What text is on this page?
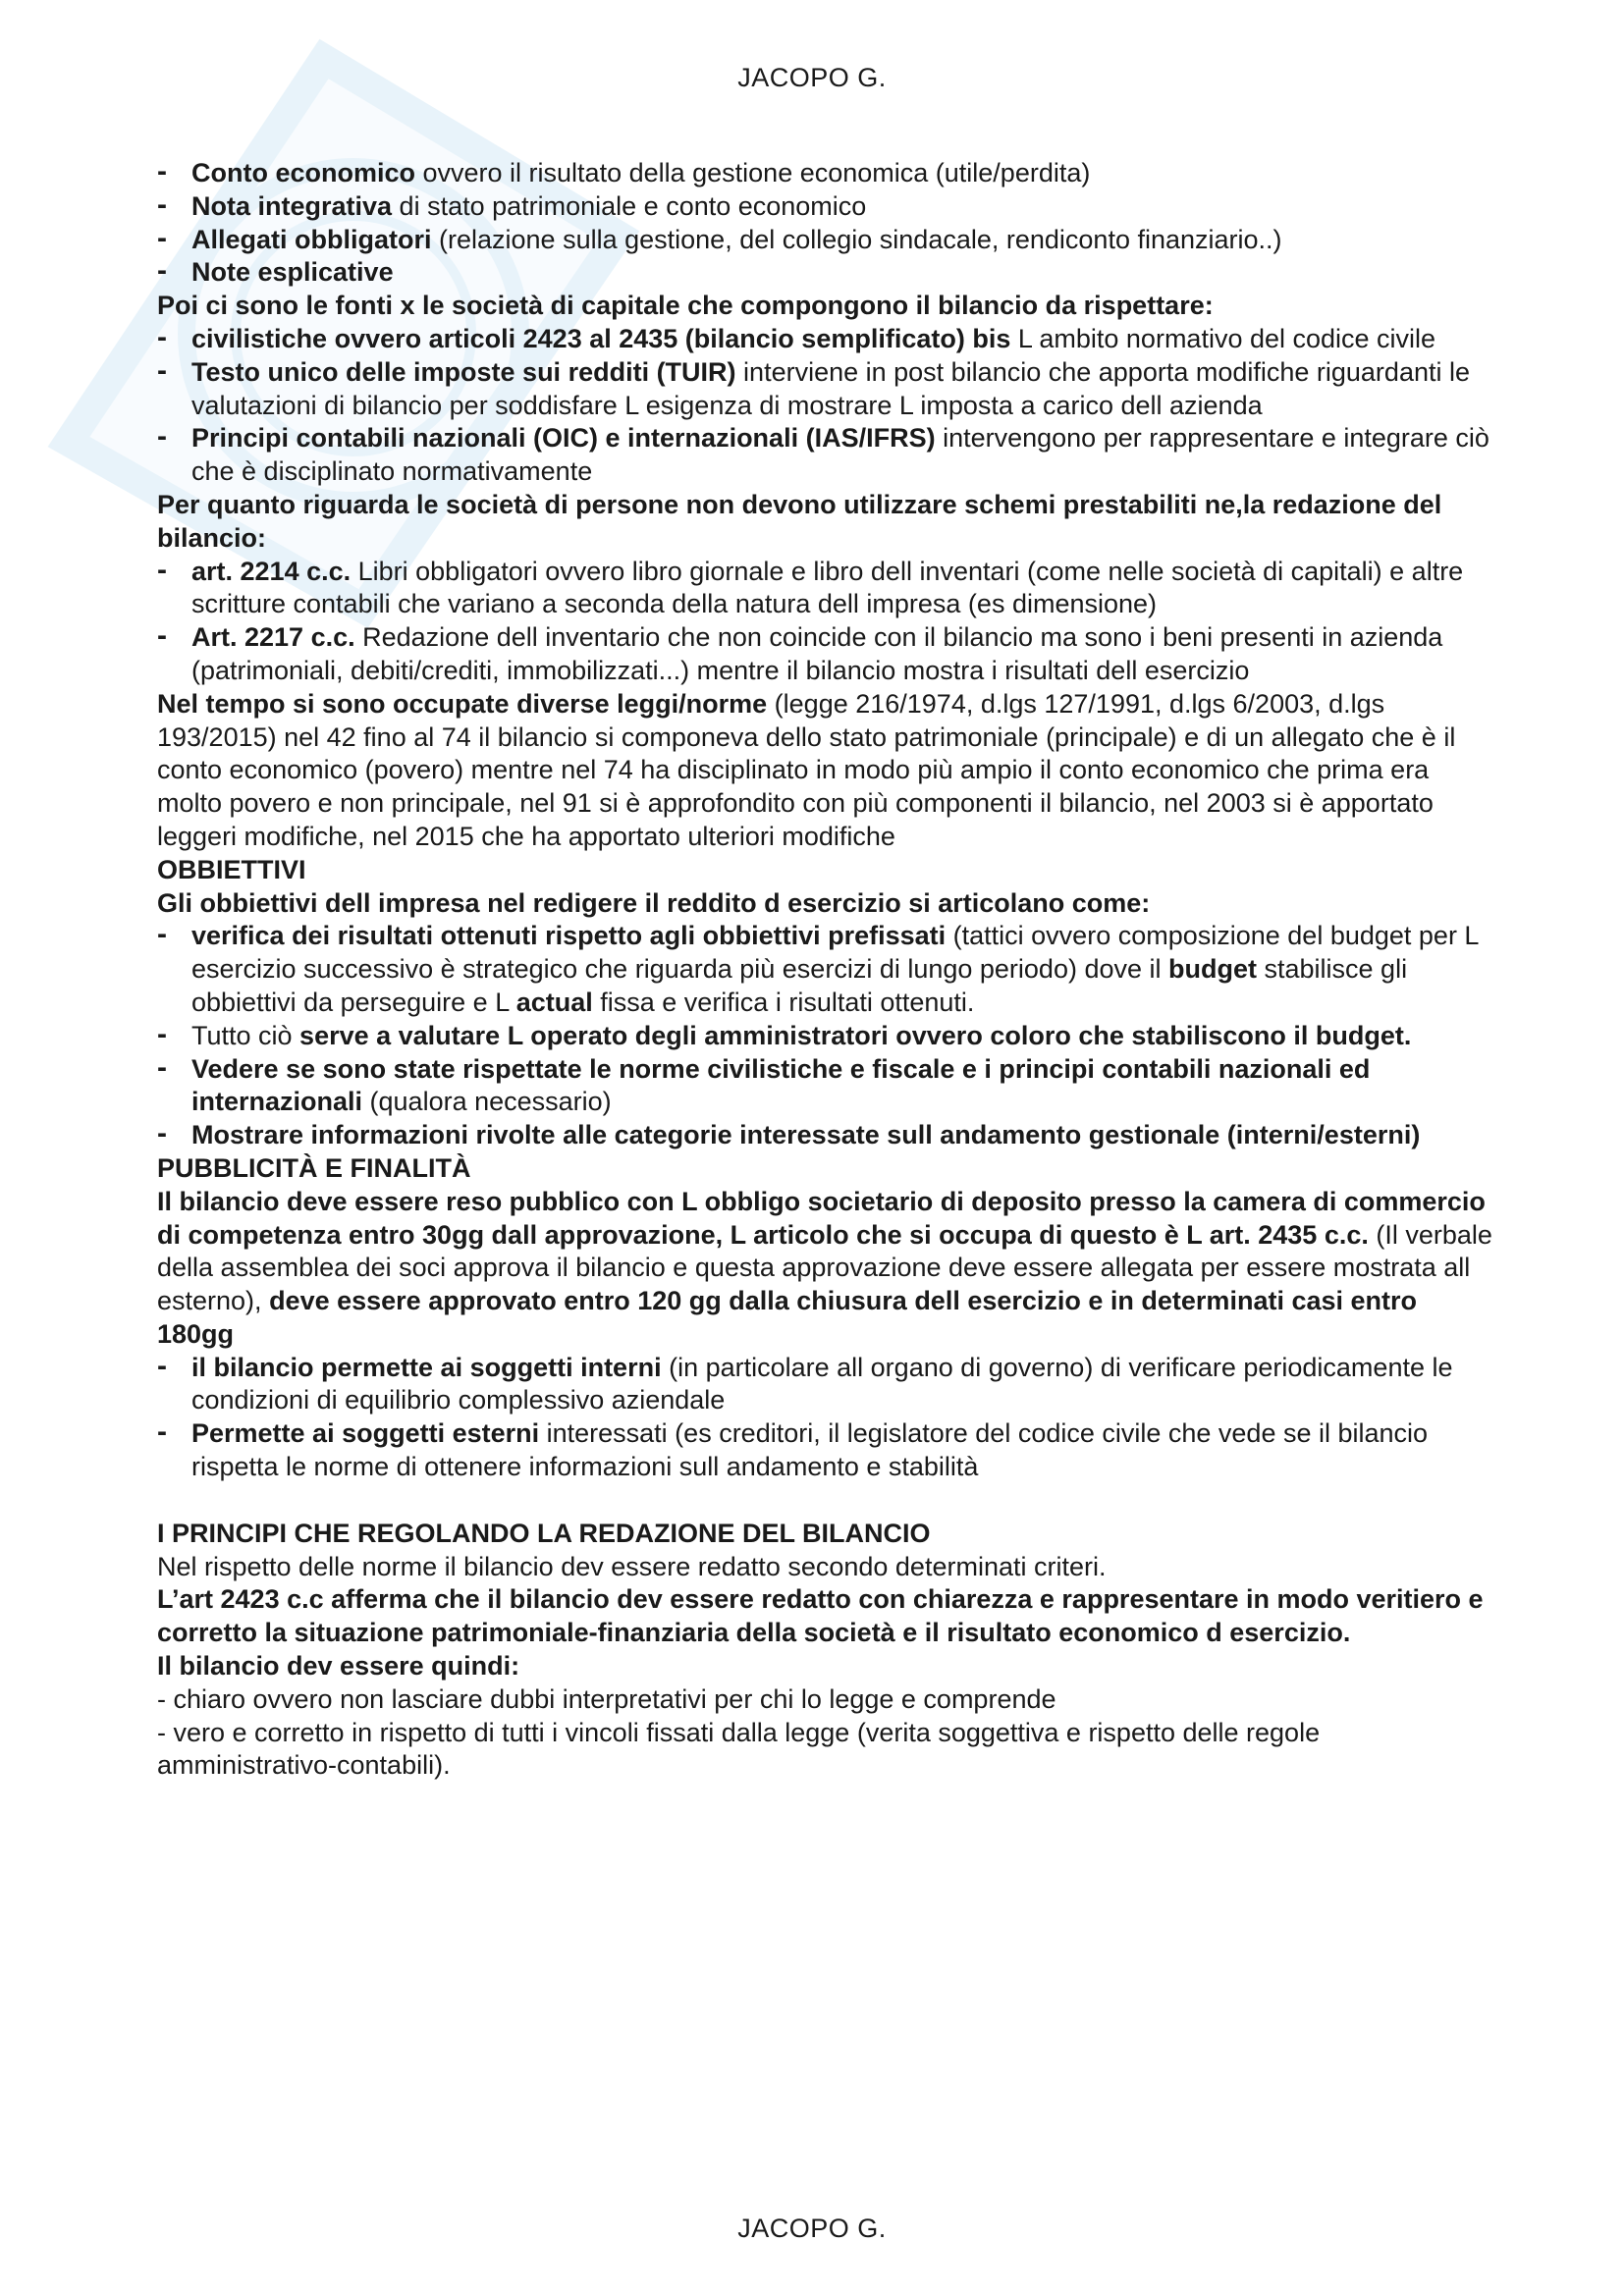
JACOPO G.
- Conto economico ovvero il risultato della gestione economica (utile/perdita)
- Nota integrativa di stato patrimoniale e conto economico
- Allegati obbligatori (relazione sulla gestione, del collegio sindacale, rendiconto finanziario..)
- Note esplicative

Poi ci sono le fonti x le società di capitale che compongono il bilancio da rispettare:

- civilistiche ovvero articoli 2423 al 2435 (bilancio semplificato) bis L ambito normativo del codice civile
- Testo unico delle imposte sui redditi (TUIR) interviene in post bilancio che apporta modifiche riguardanti le valutazioni di bilancio per soddisfare L esigenza di mostrare L imposta a carico dell azienda
- Principi contabili nazionali (OIC) e internazionali (IAS/IFRS) intervengono per rappresentare e integrare ciò che è disciplinato normativamente

Per quanto riguarda le società di persone non devono utilizzare schemi prestabiliti ne,la redazione del bilancio:

- art. 2214 c.c. Libri obbligatori ovvero libro giornale e libro dell inventari (come nelle società di capitali) e altre scritture contabili che variano a seconda della natura dell impresa (es dimensione)
- Art. 2217 c.c. Redazione dell inventario che non coincide con il bilancio ma sono i beni presenti in azienda (patrimoniali, debiti/crediti, immobilizzati...) mentre il bilancio mostra i risultati dell esercizio

Nel tempo si sono occupate diverse leggi/norme (legge 216/1974, d.lgs 127/1991, d.lgs 6/2003, d.lgs 193/2015) nel 42 fino al 74 il bilancio si componeva dello stato patrimoniale (principale) e di un allegato che è il conto economico (povero) mentre nel 74 ha disciplinato in modo più ampio il conto economico che prima era molto povero e non principale, nel 91 si è approfondito con più componenti il bilancio, nel 2003 si è apportato leggeri modifiche, nel 2015 che ha apportato ulteriori modifiche

OBBIETTIVI

Gli obbiettivi dell impresa nel redigere il reddito d esercizio si articolano come:

- verifica dei risultati ottenuti rispetto agli obbiettivi prefissati (tattici ovvero composizione del budget per L esercizio successivo è strategico che riguarda più esercizi di lungo periodo) dove il budget stabilisce gli obbiettivi da perseguire e L actual fissa e verifica i risultati ottenuti.
- Tutto ciò serve a valutare L operato degli amministratori ovvero coloro che stabiliscono il budget.
- Vedere se sono state rispettate le norme civilistiche e fiscale e i principi contabili nazionali ed internazionali (qualora necessario)
- Mostrare informazioni rivolte alle categorie interessate sull andamento gestionale (interni/esterni)

PUBBLICITÀ E FINALITÀ

Il bilancio deve essere reso pubblico con L obbligo societario di deposito presso la camera di commercio di competenza entro 30gg dall approvazione, L articolo che si occupa di questo è L art. 2435 c.c. (Il verbale della assemblea dei soci approva il bilancio e questa approvazione deve essere allegata per essere mostrata all esterno), deve essere approvato entro 120 gg dalla chiusura dell esercizio e in determinati casi entro 180gg

- il bilancio permette ai soggetti interni (in particolare all organo di governo) di verificare periodicamente le condizioni di equilibrio complessivo aziendale
- Permette ai soggetti esterni interessati (es creditori, il legislatore del codice civile che vede se il bilancio rispetta le norme di ottenere informazioni sull andamento e stabilità

I PRINCIPI CHE REGOLANDO LA REDAZIONE DEL BILANCIO

Nel rispetto delle norme il bilancio dev essere redatto secondo determinati criteri.

L’art 2423 c.c afferma che il bilancio dev essere redatto con chiarezza e rappresentare in modo veritiero e corretto la situazione patrimoniale-finanziaria della società e il risultato economico d esercizio.

Il bilancio dev essere quindi:

- chiaro ovvero non lasciare dubbi interpretativi per chi lo legge e comprende

- vero e corretto in rispetto di tutti i vincoli fissati dalla legge (verita soggettiva e rispetto delle regole amministrativo-contabili).

JACOPO G.
